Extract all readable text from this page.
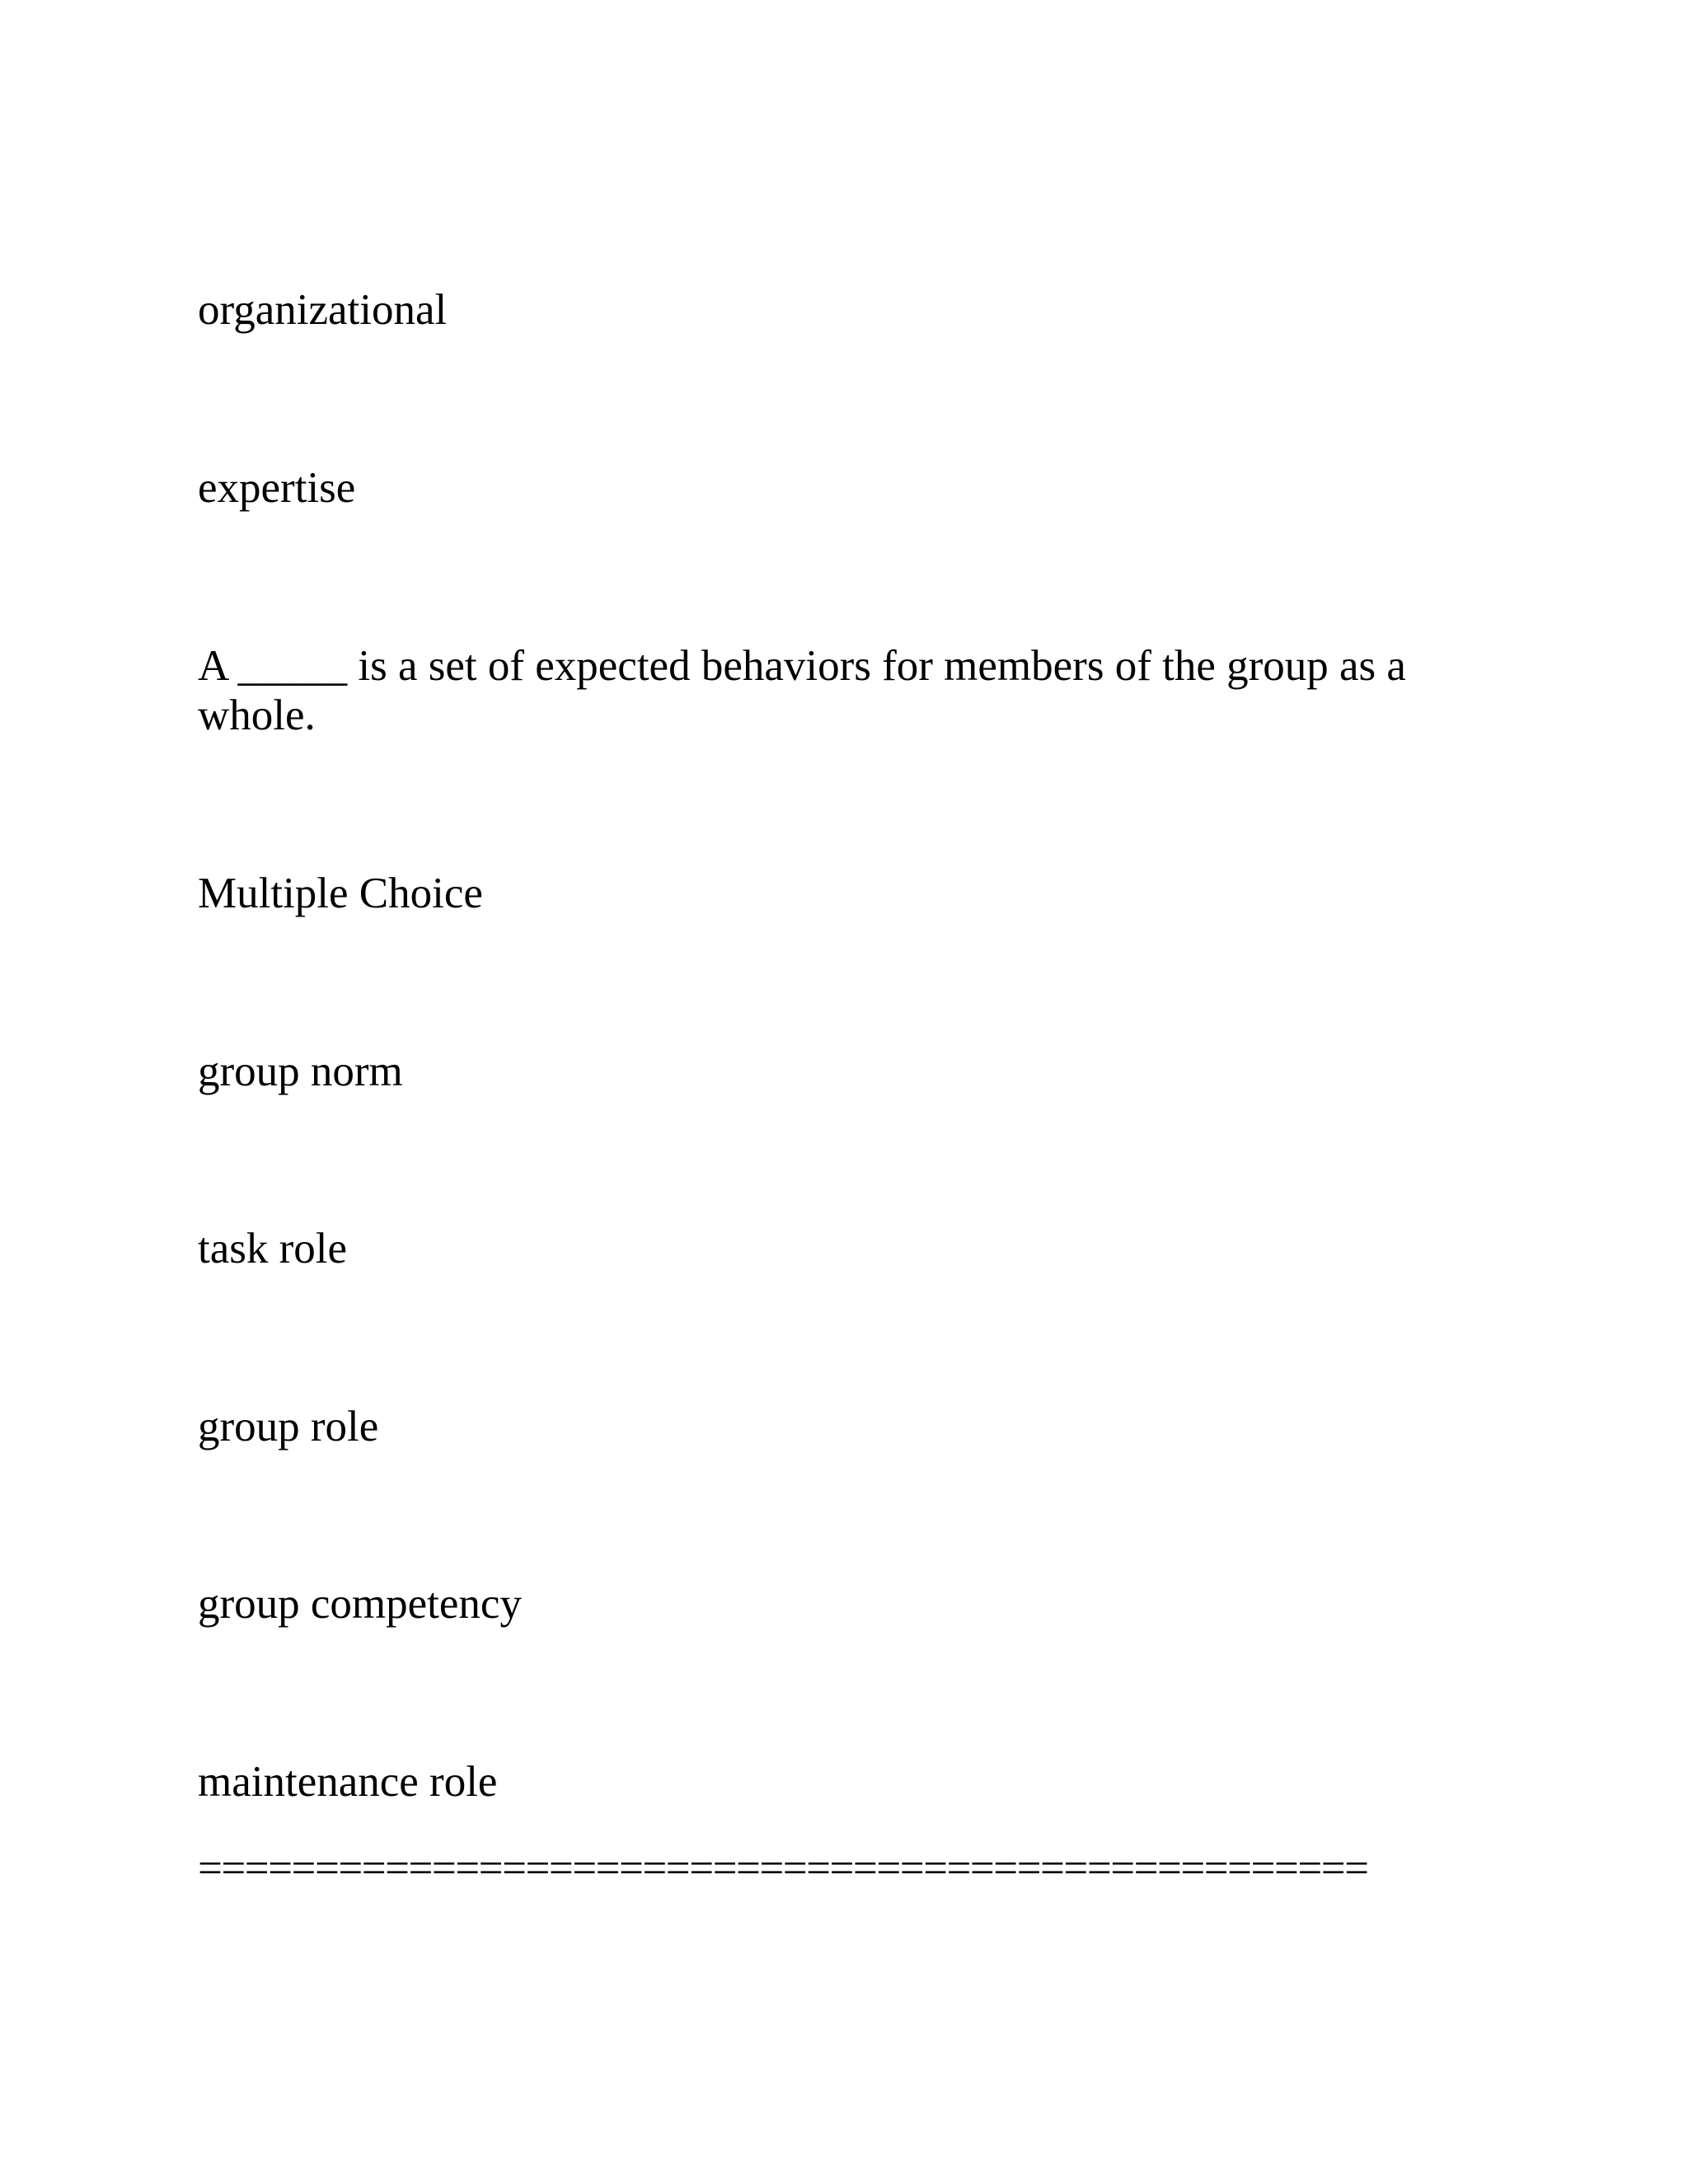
organizational

expertise

A _____ is a set of expected behaviors for members of the group as a whole.

Multiple Choice

group norm

task role

group role

group competency

maintenance role

==================================================
